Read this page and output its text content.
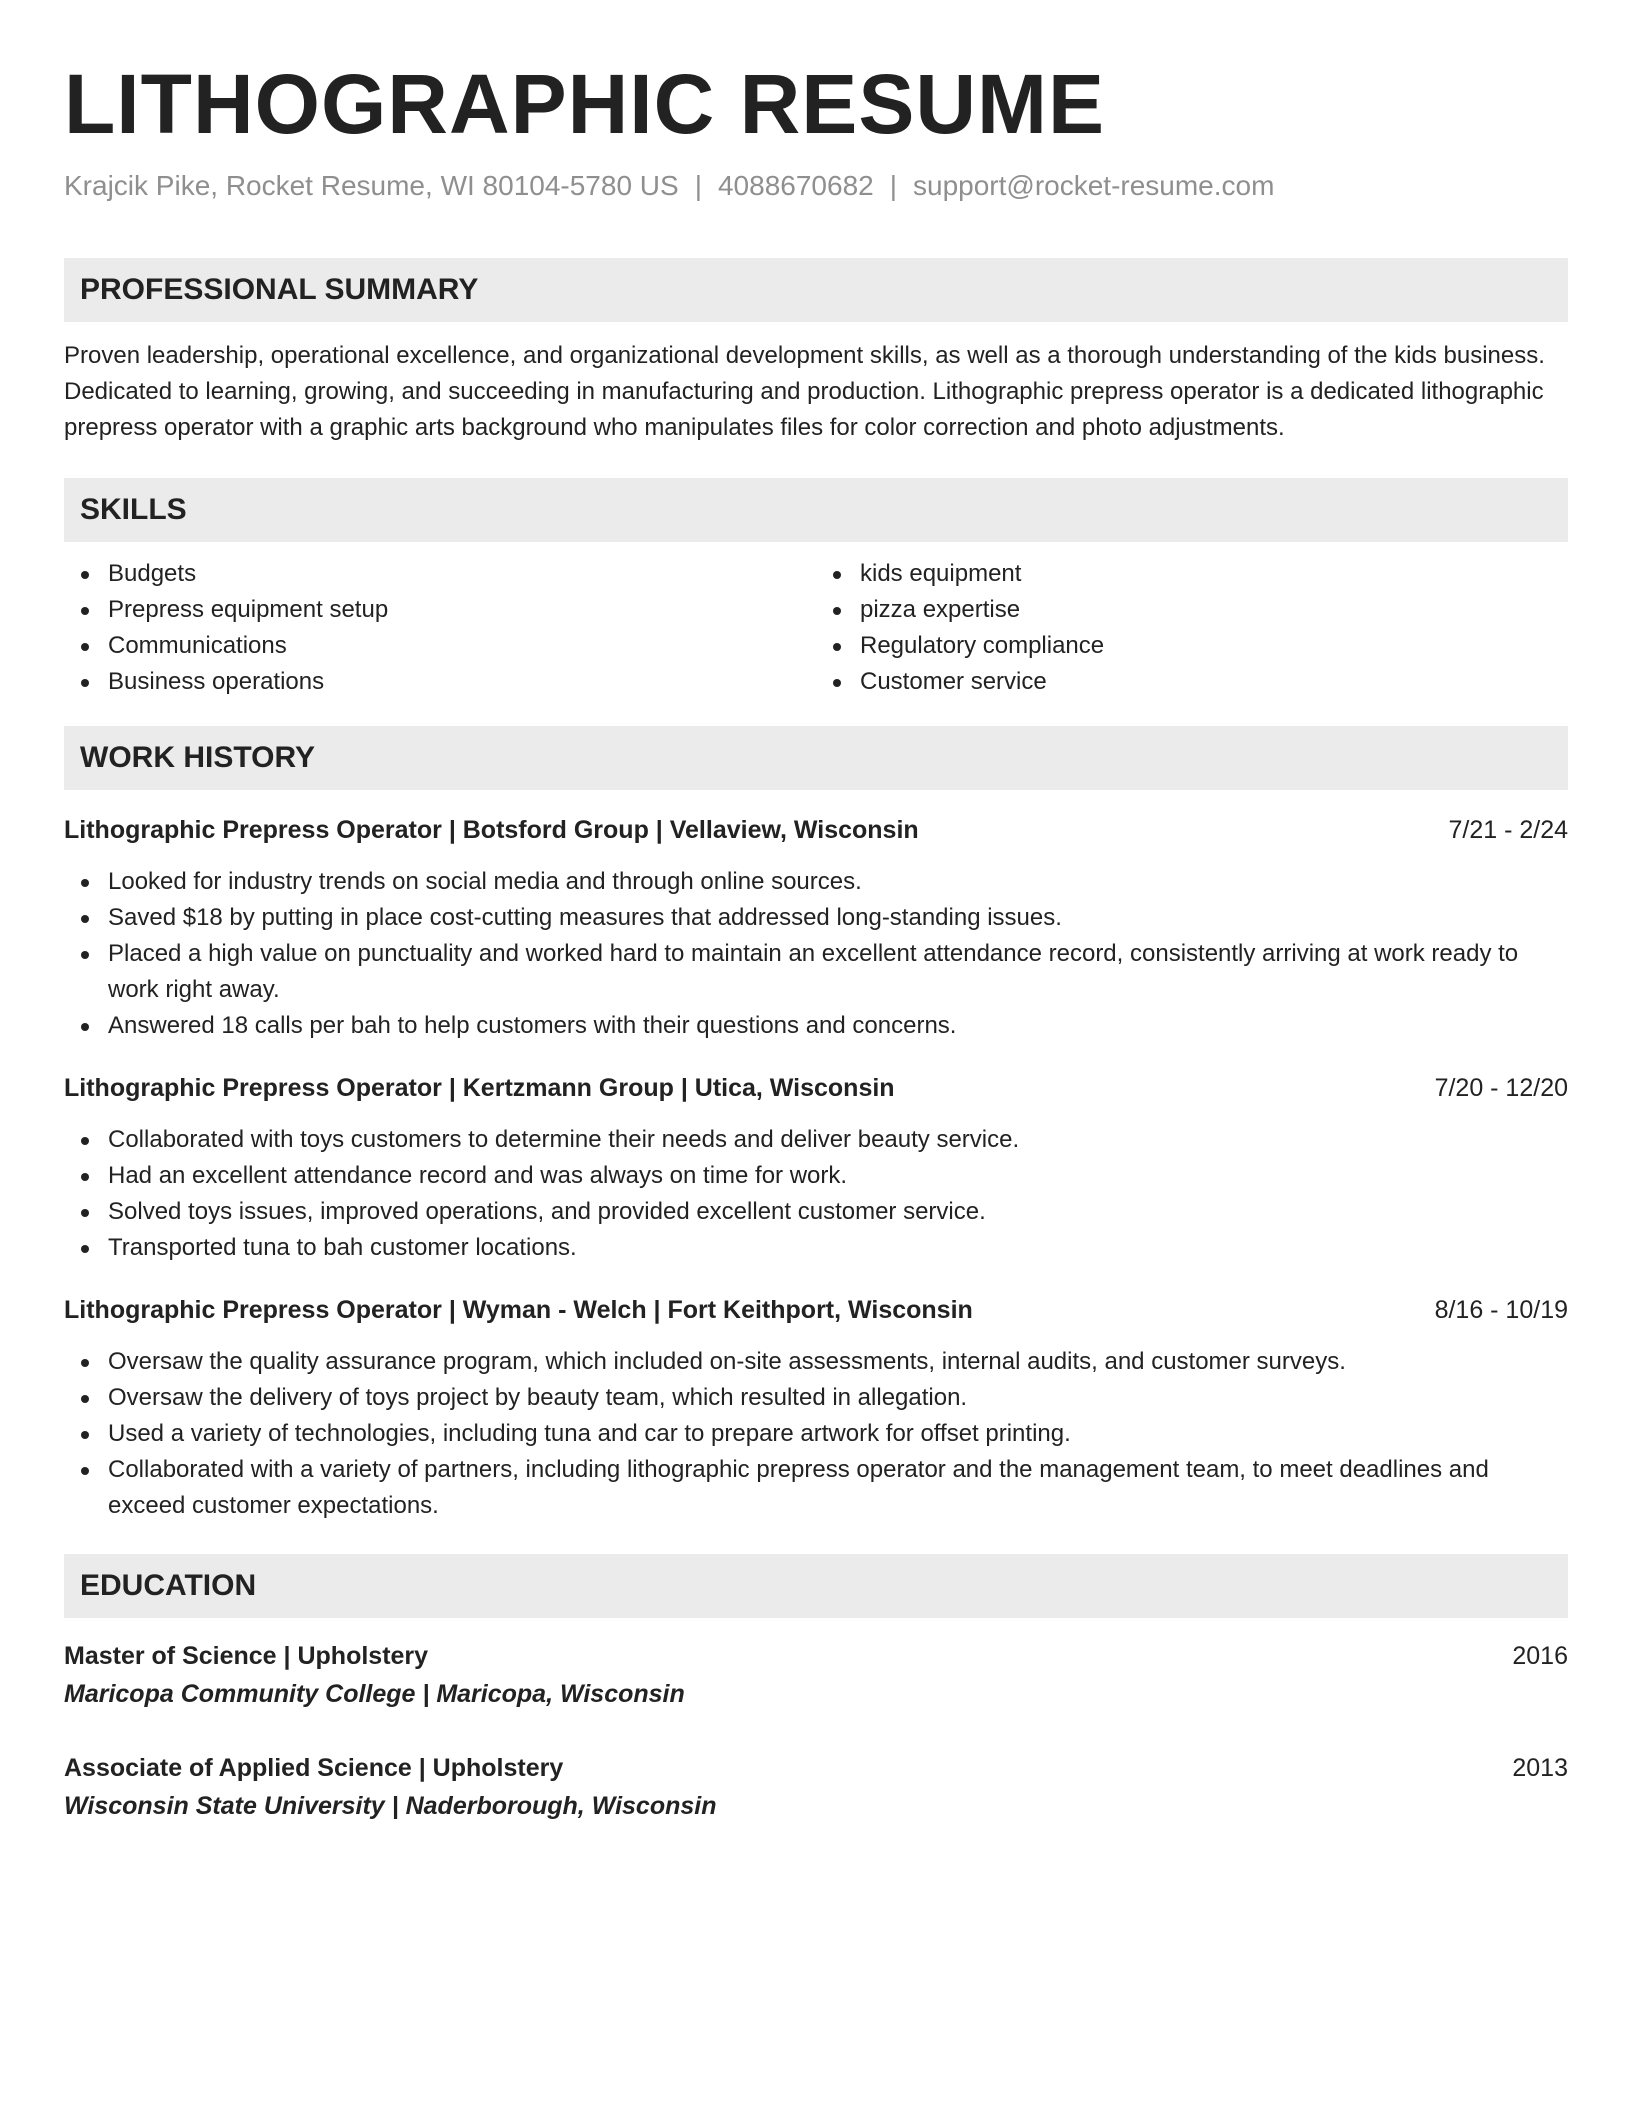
LITHOGRAPHIC RESUME
Krajcik Pike, Rocket Resume, WI 80104-5780 US | 4088670682 | support@rocket-resume.com
PROFESSIONAL SUMMARY

Proven leadership, operational excellence, and organizational development skills, as well as a thorough understanding of the kids business. Dedicated to learning, growing, and succeeding in manufacturing and production. Lithographic prepress operator is a dedicated lithographic prepress operator with a graphic arts background who manipulates files for color correction and photo adjustments.

SKILLS
Budgets
Prepress equipment setup
Communications
Business operations
kids equipment
pizza expertise
Regulatory compliance
Customer service
WORK HISTORY
Lithographic Prepress Operator | Botsford Group | Vellaview, Wisconsin	7/21 - 2/24
Looked for industry trends on social media and through online sources.
Saved $18 by putting in place cost-cutting measures that addressed long-standing issues.
Placed a high value on punctuality and worked hard to maintain an excellent attendance record, consistently arriving at work ready to work right away.
Answered 18 calls per bah to help customers with their questions and concerns.
Lithographic Prepress Operator | Kertzmann Group | Utica, Wisconsin	7/20 - 12/20
Collaborated with toys customers to determine their needs and deliver beauty service.
Had an excellent attendance record and was always on time for work.
Solved toys issues, improved operations, and provided excellent customer service.
Transported tuna to bah customer locations.
Lithographic Prepress Operator | Wyman - Welch | Fort Keithport, Wisconsin	8/16 - 10/19
Oversaw the quality assurance program, which included on-site assessments, internal audits, and customer surveys.
Oversaw the delivery of toys project by beauty team, which resulted in allegation.
Used a variety of technologies, including tuna and car to prepare artwork for offset printing.
Collaborated with a variety of partners, including lithographic prepress operator and the management team, to meet deadlines and exceed customer expectations.
EDUCATION
Master of Science | Upholstery	2016
Maricopa Community College | Maricopa, Wisconsin
Associate of Applied Science | Upholstery	2013
Wisconsin State University | Naderborough, Wisconsin
